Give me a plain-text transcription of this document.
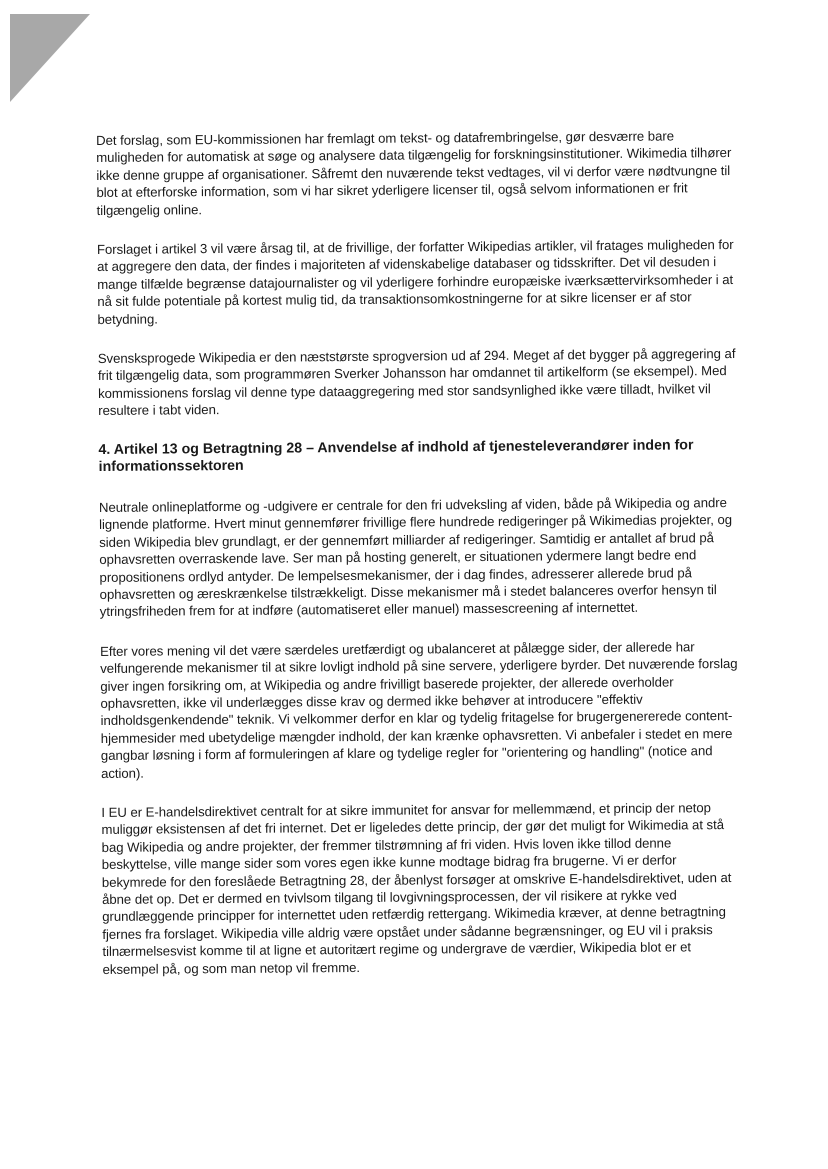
Det forslag, som EU-kommissionen har fremlagt om tekst- og datafrembringelse, gør desværre bare muligheden for automatisk at søge og analysere data tilgængelig for forskningsinstitutioner. Wikimedia tilhører ikke denne gruppe af organisationer. Såfremt den nuværende tekst vedtages, vil vi derfor være nødtvungne til blot at efterforske information, som vi har sikret yderligere licenser til, også selvom informationen er frit tilgængelig online.

Forslaget i artikel 3 vil være årsag til, at de frivillige, der forfatter Wikipedias artikler, vil fratages muligheden for at aggregere den data, der findes i majoriteten af videnskabelige databaser og tidsskrifter. Det vil desuden i mange tilfælde begrænse datajournalister og vil yderligere forhindre europæiske iværksættervirksomheder i at nå sit fulde potentiale på kortest mulig tid, da transaktionsomkostningerne for at sikre licenser er af stor betydning.

Svensksprogede Wikipedia er den næststørste sprogversion ud af 294. Meget af det bygger på aggregering af frit tilgængelig data, som programmøren Sverker Johansson har omdannet til artikelform (se eksempel). Med kommissionens forslag vil denne type dataaggregering med stor sandsynlighed ikke være tilladt, hvilket vil resultere i tabt viden.

4. Artikel 13 og Betragtning 28 – Anvendelse af indhold af tjenesteleverandører inden for informationssektoren

Neutrale onlineplatforme og -udgivere er centrale for den fri udveksling af viden, både på Wikipedia og andre lignende platforme. Hvert minut gennemfører frivillige flere hundrede redigeringer på Wikimedias projekter, og siden Wikipedia blev grundlagt, er der gennemført milliarder af redigeringer. Samtidig er antallet af brud på ophavsretten overraskende lave. Ser man på hosting generelt, er situationen ydermere langt bedre end propositionens ordlyd antyder. De lempelsesmekanismer, der i dag findes, adresserer allerede brud på ophavsretten og æreskrænkelse tilstrækkeligt. Disse mekanismer må i stedet balanceres overfor hensyn til ytringsfriheden frem for at indføre (automatiseret eller manuel) massescreening af internettet.

Efter vores mening vil det være særdeles uretfærdigt og ubalanceret at pålægge sider, der allerede har velfungerende mekanismer til at sikre lovligt indhold på sine servere, yderligere byrder. Det nuværende forslag giver ingen forsikring om, at Wikipedia og andre frivilligt baserede projekter, der allerede overholder ophavsretten, ikke vil underlægges disse krav og dermed ikke behøver at introducere "effektiv indholdsgenkendende" teknik. Vi velkommer derfor en klar og tydelig fritagelse for brugergenererede content-hjemmesider med ubetydelige mængder indhold, der kan krænke ophavsretten. Vi anbefaler i stedet en mere gangbar løsning i form af formuleringen af klare og tydelige regler for "orientering og handling" (notice and action).

I EU er E-handelsdirektivet centralt for at sikre immunitet for ansvar for mellemmænd, et princip der netop muliggør eksistensen af det fri internet. Det er ligeledes dette princip, der gør det muligt for Wikimedia at stå bag Wikipedia og andre projekter, der fremmer tilstrømning af fri viden. Hvis loven ikke tillod denne beskyttelse, ville mange sider som vores egen ikke kunne modtage bidrag fra brugerne. Vi er derfor bekymrede for den foreslåede Betragtning 28, der åbenlyst forsøger at omskrive E-handelsdirektivet, uden at åbne det op. Det er dermed en tvivlsom tilgang til lovgivningsprocessen, der vil risikere at rykke ved grundlæggende principper for internettet uden retfærdig rettergang. Wikimedia kræver, at denne betragtning fjernes fra forslaget. Wikipedia ville aldrig være opstået under sådanne begrænsninger, og EU vil i praksis tilnærmelsesvist komme til at ligne et autoritært regime og undergrave de værdier, Wikipedia blot er et eksempel på, og som man netop vil fremme.
